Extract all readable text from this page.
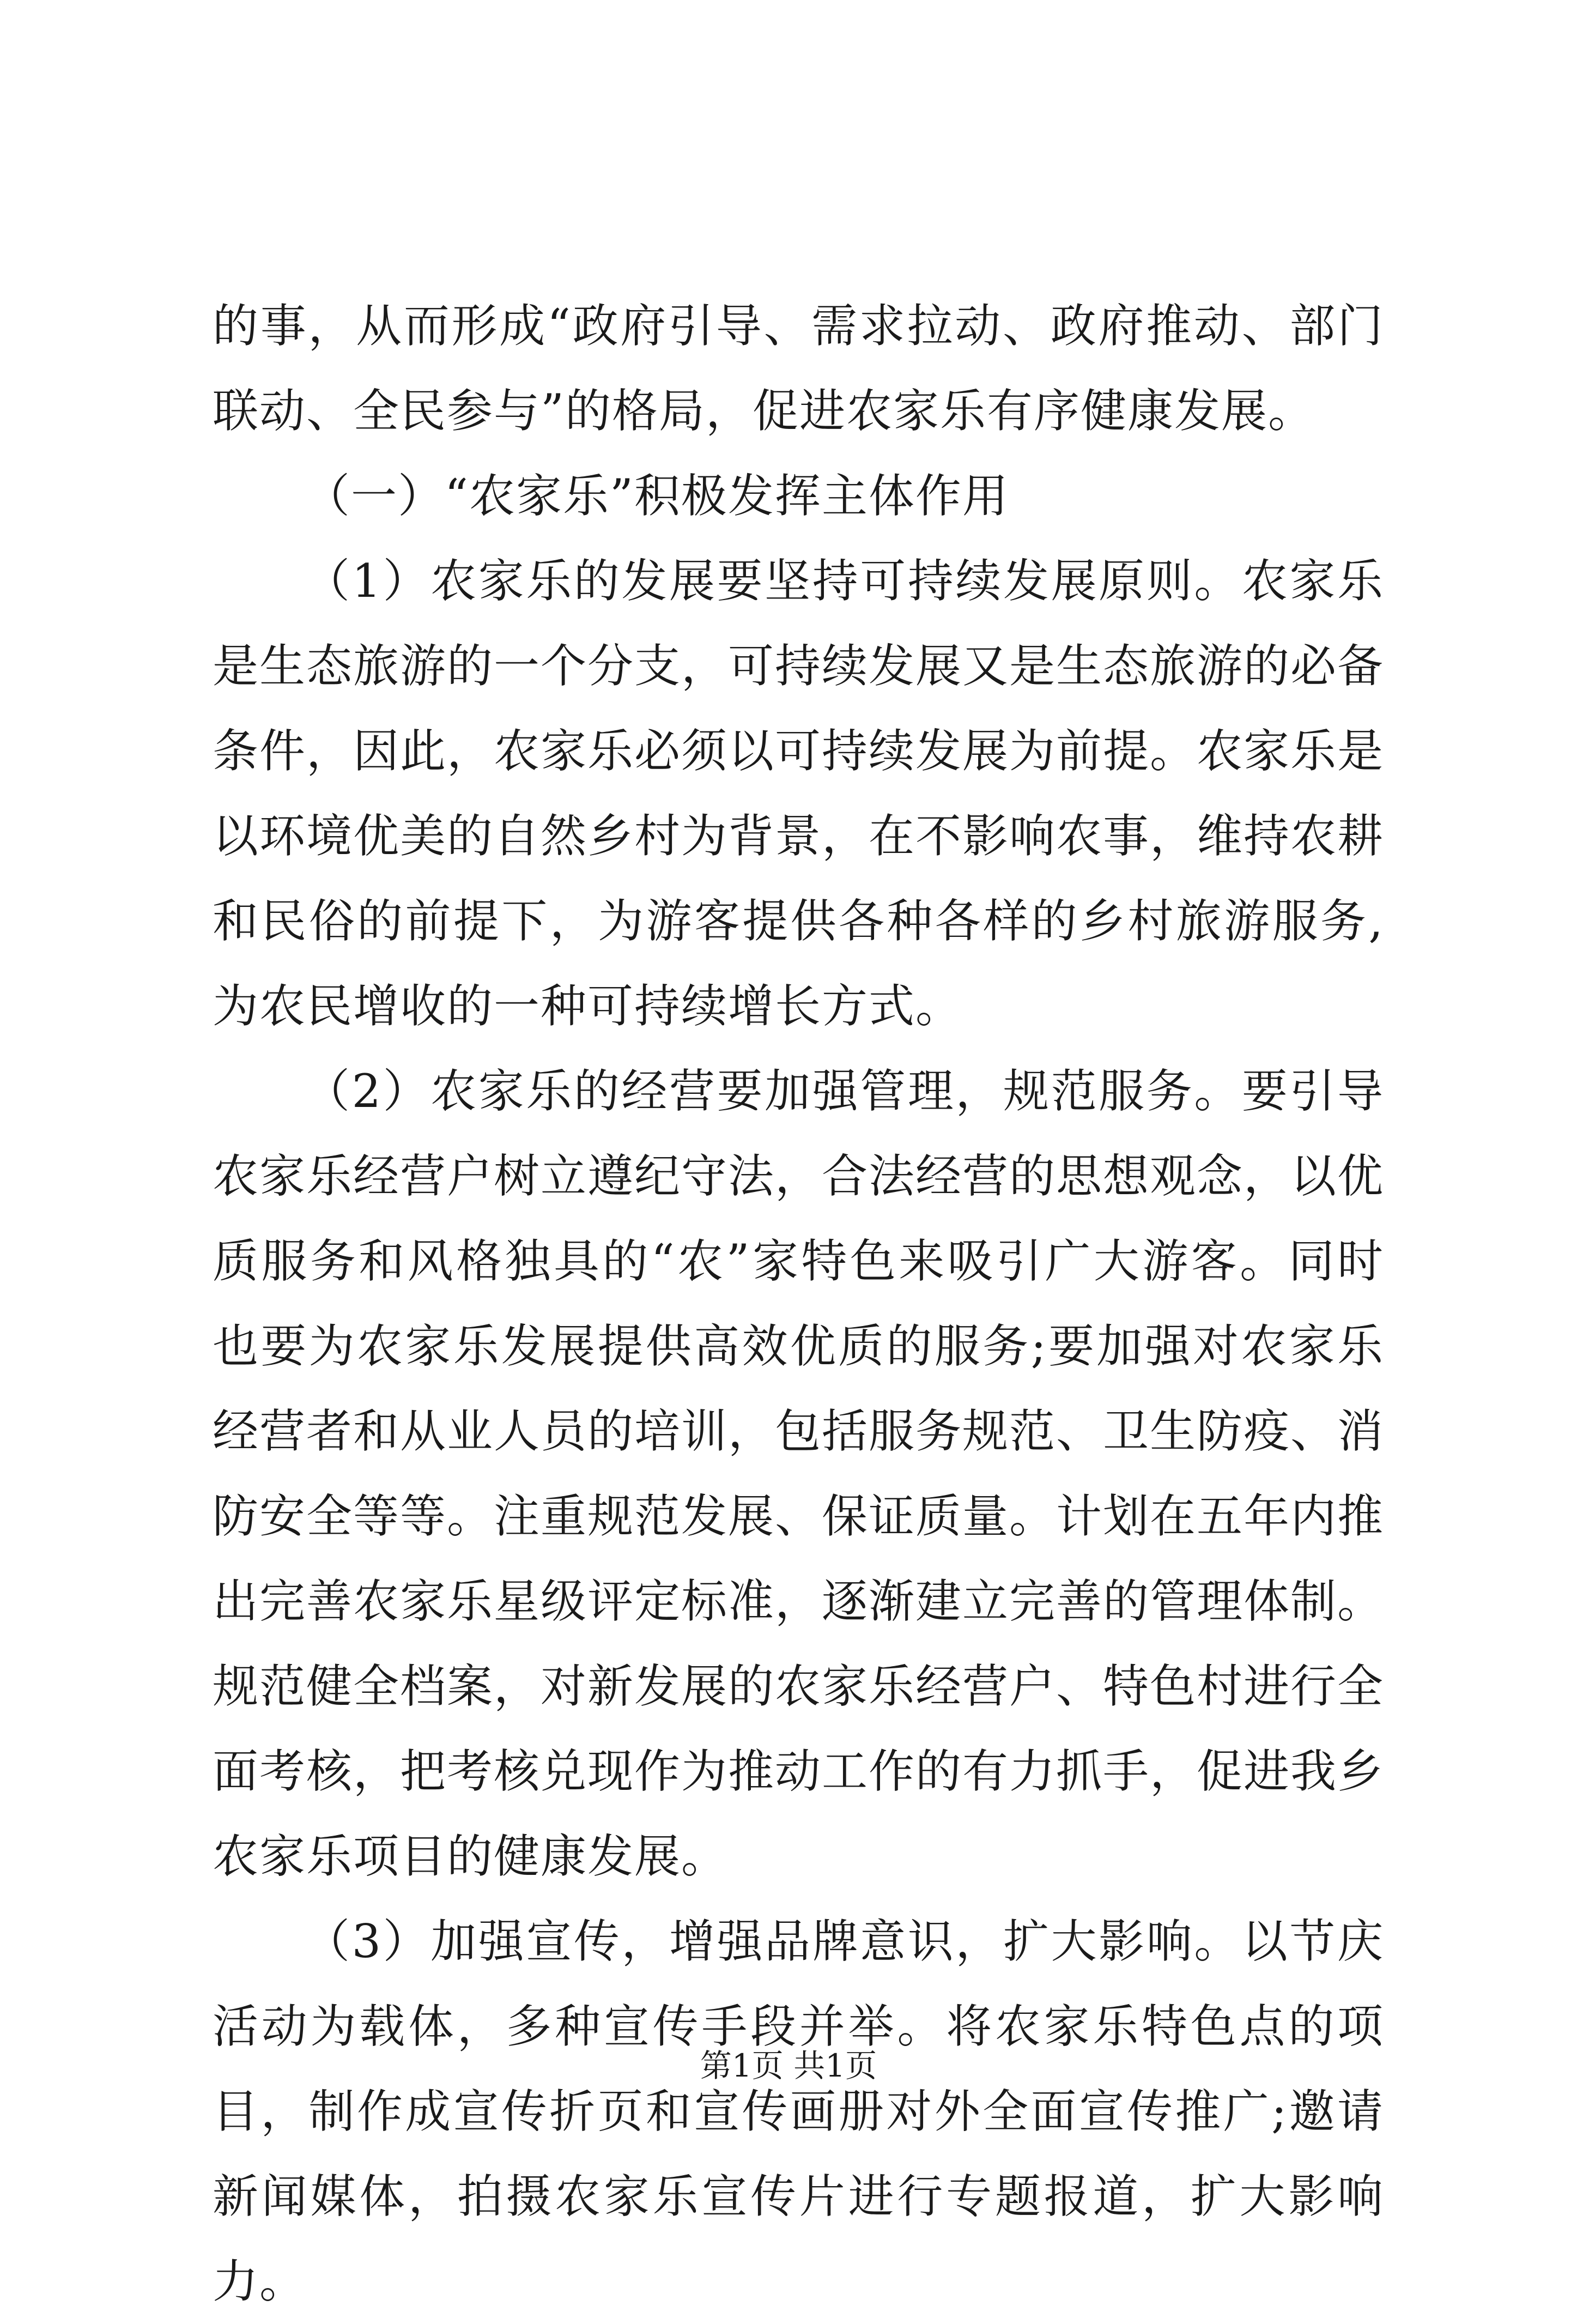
的事，从而形成“政府引导、需求拉动、政府推动、部门联动、全民参与”的格局，促进农家乐有序健康发展。

（一）“农家乐”积极发挥主体作用

（1）农家乐的发展要坚持可持续发展原则。农家乐是生态旅游的一个分支，可持续发展又是生态旅游的必备条件，因此，农家乐必须以可持续发展为前提。农家乐是以环境优美的自然乡村为背景，在不影响农事，维持农耕和民俗的前提下，为游客提供各种各样的乡村旅游服务,为农民增收的一种可持续增长方式。

（2）农家乐的经营要加强管理，规范服务。要引导农家乐经营户树立遵纪守法，合法经营的思想观念，以优质服务和风格独具的“农”家特色来吸引广大游客。同时也要为农家乐发展提供高效优质的服务;要加强对农家乐经营者和从业人员的培训，包括服务规范、卫生防疫、消防安全等等。注重规范发展、保证质量。计划在五年内推出完善农家乐星级评定标准，逐渐建立完善的管理体制。规范健全档案，对新发展的农家乐经营户、特色村进行全面考核，把考核兑现作为推动工作的有力抓手，促进我乡农家乐项目的健康发展。

（3）加强宣传，增强品牌意识，扩大影响。以节庆活动为载体，多种宣传手段并举。将农家乐特色点的项目，制作成宣传折页和宣传画册对外全面宣传推广;邀请新闻媒体，拍摄农家乐宣传片进行专题报道，扩大影响力。

第1页 共1页
